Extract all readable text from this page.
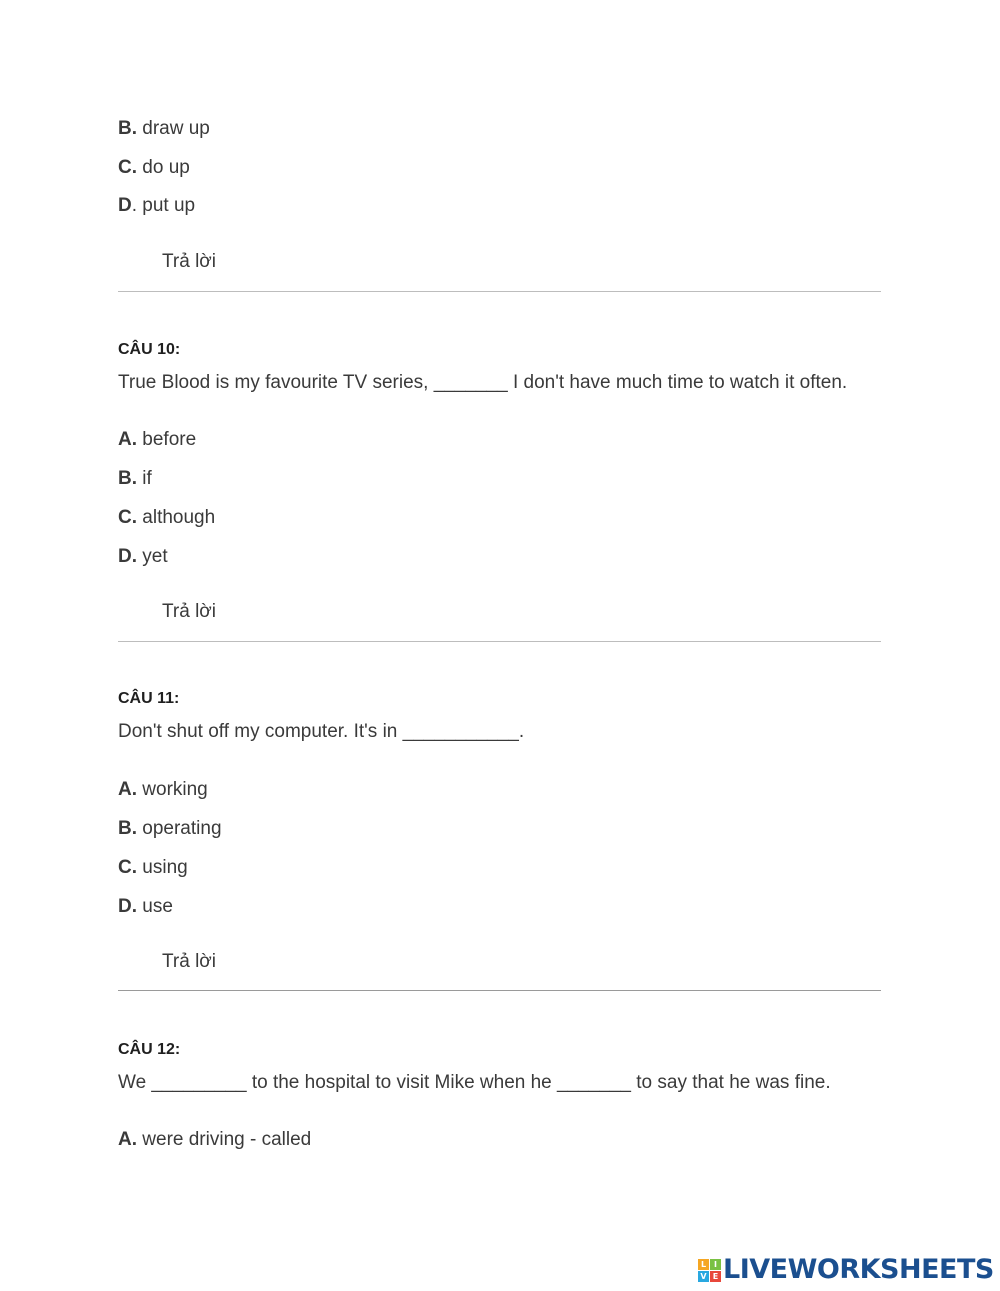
B. draw up
C. do up
D. put up
Trả lời
CÂU 10:
True Blood is my favourite TV series, _______ I don't have much time to watch it often.
A. before
B. if
C. although
D. yet
Trả lời
CÂU 11:
Don't shut off my computer. It's in ___________.
A. working
B. operating
C. using
D. use
Trả lời
CÂU 12:
We _________ to the hospital to visit Mike when he _______ to say that he was fine.
A. were driving - called
L I
V E LIVEWORKSHEETS
